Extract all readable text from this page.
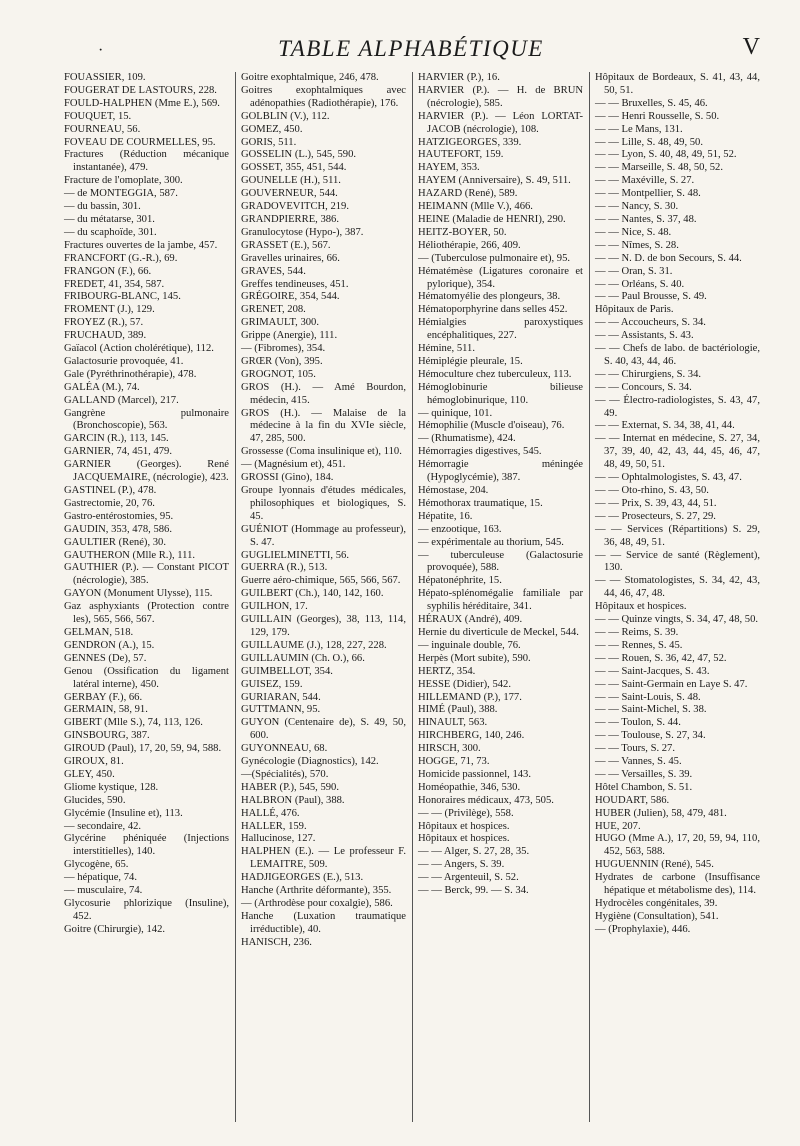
·	TABLE ALPHABÉTIQUE	V
FOUASSIER, 109.
FOUGERAT DE LASTOURS, 228.
FOULD-HALPHEN (Mme E.), 569.
FOUQUET, 15.
FOURNEAU, 56.
FOVEAU DE COURMELLES, 95.
Fractures (Réduction mécanique instantanée), 479.
Fracture de l'omoplate, 300.
— de MONTEGGIA, 587.
— du bassin, 301.
— du métatarse, 301.
— du scaphoïde, 301.
Fractures ouvertes de la jambe, 457.
FRANCFORT (G.-R.), 69.
FRANGON (F.), 66.
FREDET, 41, 354, 587.
FRIBOURG-BLANC, 145.
FROMENT (J.), 129.
FROYEZ (R.), 57.
FRUCHAUD, 389.
Gaïacol (Action cholérétique), 112.
Galactosurie provoquée, 41.
Gale (Pyréthrinothérapie), 478.
GALÉA (M.), 74.
GALLAND (Marcel), 217.
Gangrène pulmonaire (Bronchoscopie), 563.
GARCIN (R.), 113, 145.
GARNIER, 74, 451, 479.
GARNIER (Georges). René JACQUEMAIRE, (nécrologie), 423.
GASTINEL (P.), 478.
Gastrectomie, 20, 76.
Gastro-entérostomies, 95.
GAUDIN, 353, 478, 586.
GAULTIER (René), 30.
GAUTHERON (Mlle R.), 111.
GAUTHIER (P.). — Constant PICOT (nécrologie), 385.
GAYON (Monument Ulysse), 115.
Gaz asphyxiants (Protection contre les), 565, 566, 567.
GELMAN, 518.
GENDRON (A.), 15.
GENNES (De), 57.
Genou (Ossification du ligament latéral interne), 450.
GERBAY (F.), 66.
GERMAIN, 58, 91.
GIBERT (Mlle S.), 74, 113, 126.
GINSBOURG, 387.
GIROUD (Paul), 17, 20, 59, 94, 588.
GIROUX, 81.
GLEY, 450.
Gliome kystique, 128.
Glucides, 590.
Glycémie (Insuline et), 113.
— secondaire, 42.
Glycérine phéniquée (Injections interstitielles), 140.
Glycogène, 65.
— hépatique, 74.
— musculaire, 74.
Glycosurie phlorizique (Insuline), 452.
Goitre (Chirurgie), 142.
Goitre exophtalmique, 246, 478.
Goitres exophtalmiques avec adénopathies (Radiothérapie), 176.
GOLBLIN (V.), 112.
GOMEZ, 450.
GORIS, 511.
GOSSELIN (L.), 545, 590.
GOSSET, 355, 451, 544.
GOUNELLE (H.), 511.
GOUVERNEUR, 544.
GRADOVEVITCH, 219.
GRANDPIERRE, 386.
Granulocytose (Hypo-), 387.
GRASSET (E.), 567.
Gravelles urinaires, 66.
GRAVES, 544.
Greffes tendineuses, 451.
GRÉGOIRE, 354, 544.
GRENET, 208.
GRIMAULT, 300.
Grippe (Anergie), 111.
— (Fibromes), 354.
GRŒR (Von), 395.
GROGNOT, 105.
GROS (H.). — Amé Bourdon, médecin, 415.
GROS (H.). — Malaise de la médecine à la fin du XVIe siècle, 47, 285, 500.
Grossesse (Coma insulinique et), 110.
— (Magnésium et), 451.
GROSSI (Gino), 184.
Groupe lyonnais d'études médicales, philosophiques et biologiques, S. 45.
GUÉNIOT (Hommage au professeur), S. 47.
GUGLIELMINETTI, 56.
GUERRA (R.), 513.
Guerre aéro-chimique, 565, 566, 567.
GUILBERT (Ch.), 140, 142, 160.
GUILHON, 17.
GUILLAIN (Georges), 38, 113, 114, 129, 179.
GUILLAUME (J.), 128, 227, 228.
GUILLAUMIN (Ch. O.), 66.
GUIMBELLOT, 354.
GUISEZ, 159.
GURIARAN, 544.
GUTTMANN, 95.
GUYON (Centenaire de), S. 49, 50, 600.
GUYONNEAU, 68.
Gynécologie (Diagnostics), 142.
—(Spécialités), 570.
HABER (P.), 545, 590.
HALBRON (Paul), 388.
HALLÉ, 476.
HALLER, 159.
Hallucinose, 127.
HALPHEN (E.). — Le professeur F. LEMAITRE, 509.
HADJIGEORGES (E.), 513.
Hanche (Arthrite déformante), 355.
— (Arthrodèse pour coxalgie), 586.
Hanche (Luxation traumatique irréductible), 40.
HANISCH, 236.
HARVIER (P.), 16.
HARVIER (P.). — H. de BRUN (nécrologie), 585.
HARVIER (P.). — Léon LORTAT-JACOB (nécrologie), 108.
HATZIGEORGES, 339.
HAUTEFORT, 159.
HAYEM, 353.
HAYEM (Anniversaire), S. 49, 511.
HAZARD (René), 589.
HEIMANN (Mlle V.), 466.
HEINE (Maladie de HENRI), 290.
HEITZ-BOYER, 50.
Héliothérapie, 266, 409.
— (Tuberculose pulmonaire et), 95.
Hématémèse (Ligatures coronaire et pylorique), 354.
Hématomyélie des plongeurs, 38.
Hématoporphyrine dans selles 452.
Hémialgies paroxystiques encéphalitiques, 227.
Hémine, 511.
Hémiplégie pleurale, 15.
Hémoculture chez tuberculeux, 113.
Hémoglobinurie bilieuse hémoglobinurique, 110.
— quinique, 101.
Hémophilie (Muscle d'oiseau), 76.
— (Rhumatisme), 424.
Hémorragies digestives, 545.
Hémorragie méningée (Hypoglycémie), 387.
Hémostase, 204.
Hémothorax traumatique, 15.
Hépatite, 16.
— enzootique, 163.
— expérimentale au thorium, 545.
— tuberculeuse (Galactosurie provoquée), 588.
Hépatonéphrite, 15.
Hépato-splénomégalie familiale par syphilis héréditaire, 341.
HÉRAUX (André), 409.
Hernie du diverticule de Meckel, 544.
— inguinale double, 76.
Herpès (Mort subite), 590.
HERTZ, 354.
HESSE (Didier), 542.
HILLEMAND (P.), 177.
HIMÉ (Paul), 388.
HINAULT, 563.
HIRCHBERG, 140, 246.
HIRSCH, 300.
HOGGE, 71, 73.
Homicide passionnel, 143.
Homéopathie, 346, 530.
Honoraires médicaux, 473, 505.
— — (Privilège), 558.
Hôpitaux et hospices.
Hôpitaux et hospices.
— — Alger, S. 27, 28, 35.
— — Angers, S. 39.
— — Argenteuil, S. 52.
— — Berck, 99. — S. 34.
Hôpitaux de Bordeaux, S. 41, 43, 44, 50, 51.
— — Bruxelles, S. 45, 46.
— — Henri Rousselle, S. 50.
— — Le Mans, 131.
— — Lille, S. 48, 49, 50.
— — Lyon, S. 40, 48, 49, 51, 52.
— — Marseille, S. 48, 50, 52.
— — Maxéville, S. 27.
— — Montpellier, S. 48.
— — Nancy, S. 30.
— — Nantes, S. 37, 48.
— — Nice, S. 48.
— — Nîmes, S. 28.
— — N. D. de bon Secours, S. 44.
— — Oran, S. 31.
— — Orléans, S. 40.
— — Paul Brousse, S. 49.
Hôpitaux de Paris.
— — Accoucheurs, S. 34.
— — Assistants, S. 43.
— — Chefs de labo. de bactériologie, S. 40, 43, 44, 46.
— — Chirurgiens, S. 34.
— — Concours, S. 34.
— — Électro-radiologistes, S. 43, 47, 49.
— — Externat, S. 34, 38, 41, 44.
— — Internat en médecine, S. 27, 34, 37, 39, 40, 42, 43, 44, 45, 46, 47, 48, 49, 50, 51.
— — Ophtalmologistes, S. 43, 47.
— — Oto-rhino, S. 43, 50.
— — Prix, S. 39, 43, 44, 51.
— — Prosecteurs, S. 27, 29.
— — Services (Répartitions) S. 29, 36, 48, 49, 51.
— — Service de santé (Règlement), 130.
— — Stomatologistes, S. 34, 42, 43, 44, 46, 47, 48.
Hôpitaux et hospices.
— — Quinze vingts, S. 34, 47, 48, 50.
— — Reims, S. 39.
— — Rennes, S. 45.
— — Rouen, S. 36, 42, 47, 52.
— — Saint-Jacques, S. 43.
— — Saint-Germain en Laye S. 47.
— — Saint-Louis, S. 48.
— — Saint-Michel, S. 38.
— — Toulon, S. 44.
— — Toulouse, S. 27, 34.
— — Tours, S. 27.
— — Vannes, S. 45.
— — Versailles, S. 39.
Hôtel Chambon, S. 51.
HOUDART, 586.
HUBER (Julien), 58, 479, 481.
HUE, 207.
HUGO (Mme A.), 17, 20, 59, 94, 110, 452, 563, 588.
HUGUENNIN (René), 545.
Hydrates de carbone (Insuffisance hépatique et métabolisme des), 114.
Hydrocèles congénitales, 39.
Hygiène (Consultation), 541.
— (Prophylaxie), 446.
